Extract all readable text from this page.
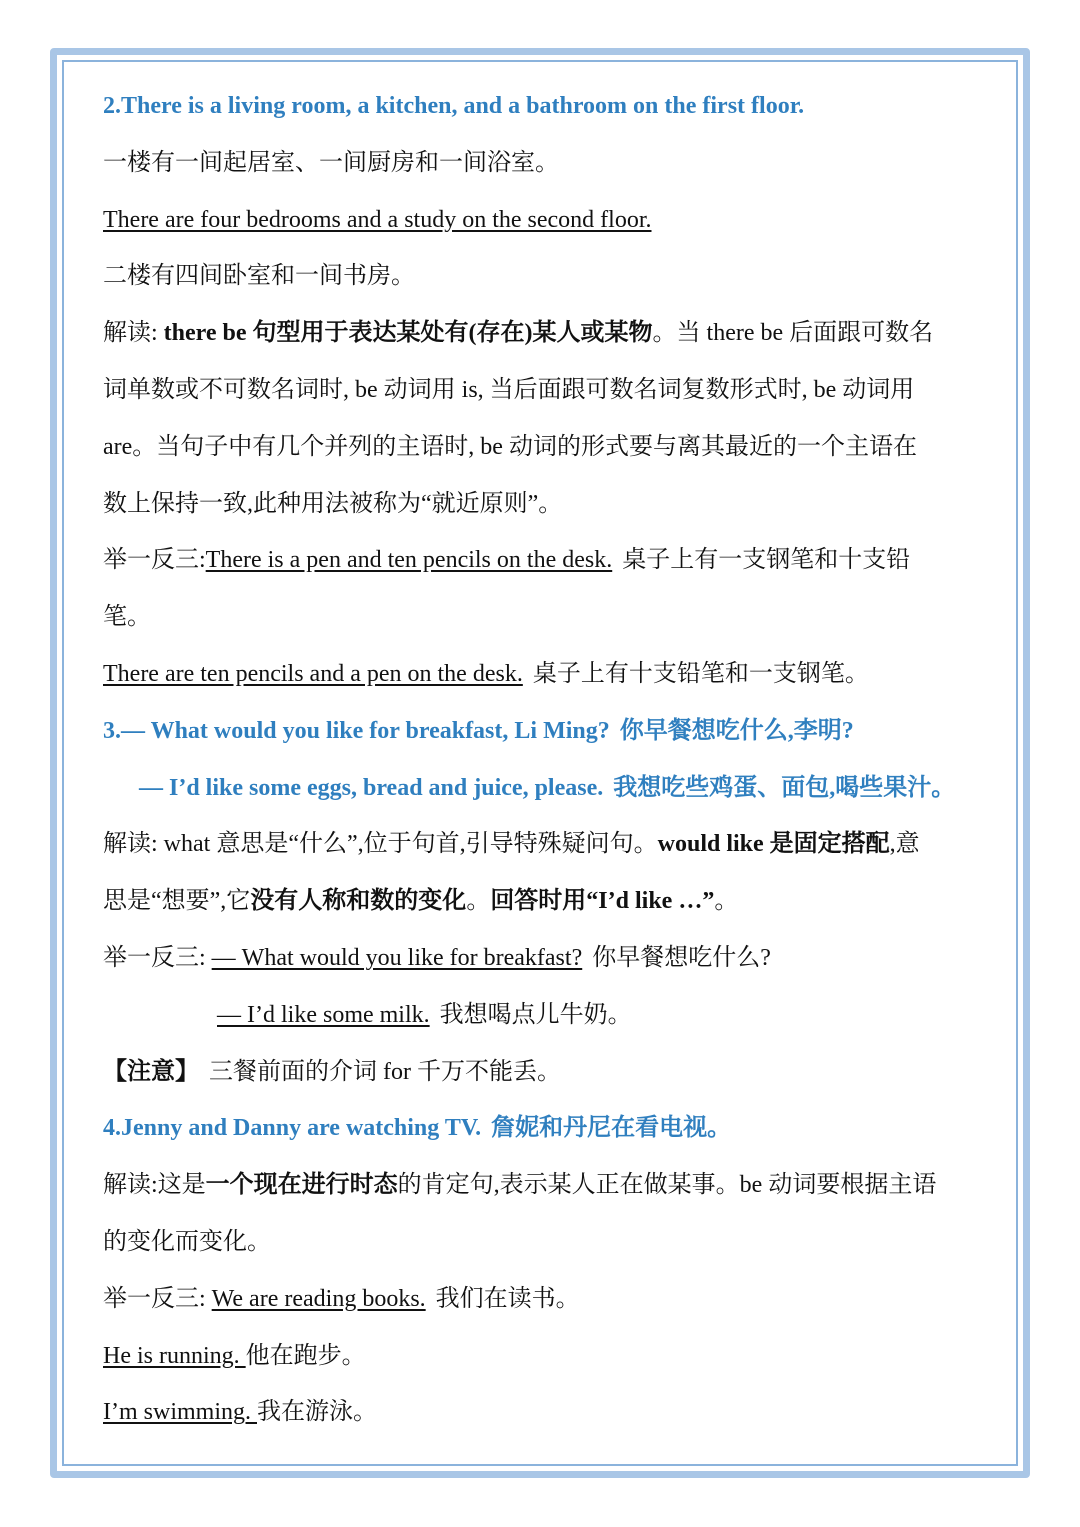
2.There is a living room, a kitchen, and a bathroom on the first floor.
一楼有一间起居室、一间厨房和一间浴室。
There are four bedrooms and a study on the second floor.
二楼有四间卧室和一间书房。
解读: there be 句型用于表达某处有(存在)某人或某物。当 there be 后面跟可数名
词单数或不可数名词时, be 动词用 is, 当后面跟可数名词复数形式时, be 动词用
are。当句子中有几个并列的主语时, be 动词的形式要与离其最近的一个主语在
数上保持一致,此种用法被称为“就近原则”。
举一反三:There is a pen and ten pencils on the desk. 桌子上有一支钢笔和十支铅
笔。
There are ten pencils and a pen on the desk. 桌子上有十支铅笔和一支钢笔。
3.— What would you like for breakfast, Li Ming? 你早餐想吃什么,李明?
— I’d like some eggs, bread and juice, please. 我想吃些鸡蛋、面包,喝些果汁。
解读: what 意思是“什么”,位于句首,引导特殊疑问句。would like 是固定搭配,意
思是“想要”,它没有人称和数的变化。回答时用“I’d like …”。
举一反三: — What would you like for breakfast? 你早餐想吃什么?
— I’d like some milk. 我想喝点儿牛奶。
【注意】 三餐前面的介词 for 千万不能丢。
4.Jenny and Danny are watching TV. 詹妮和丹尼在看电视。
解读:这是一个现在进行时态的肯定句,表示某人正在做某事。be 动词要根据主语
的变化而变化。
举一反三: We are reading books. 我们在读书。
He is running. 他在跑步。
I’m swimming. 我在游泳。
